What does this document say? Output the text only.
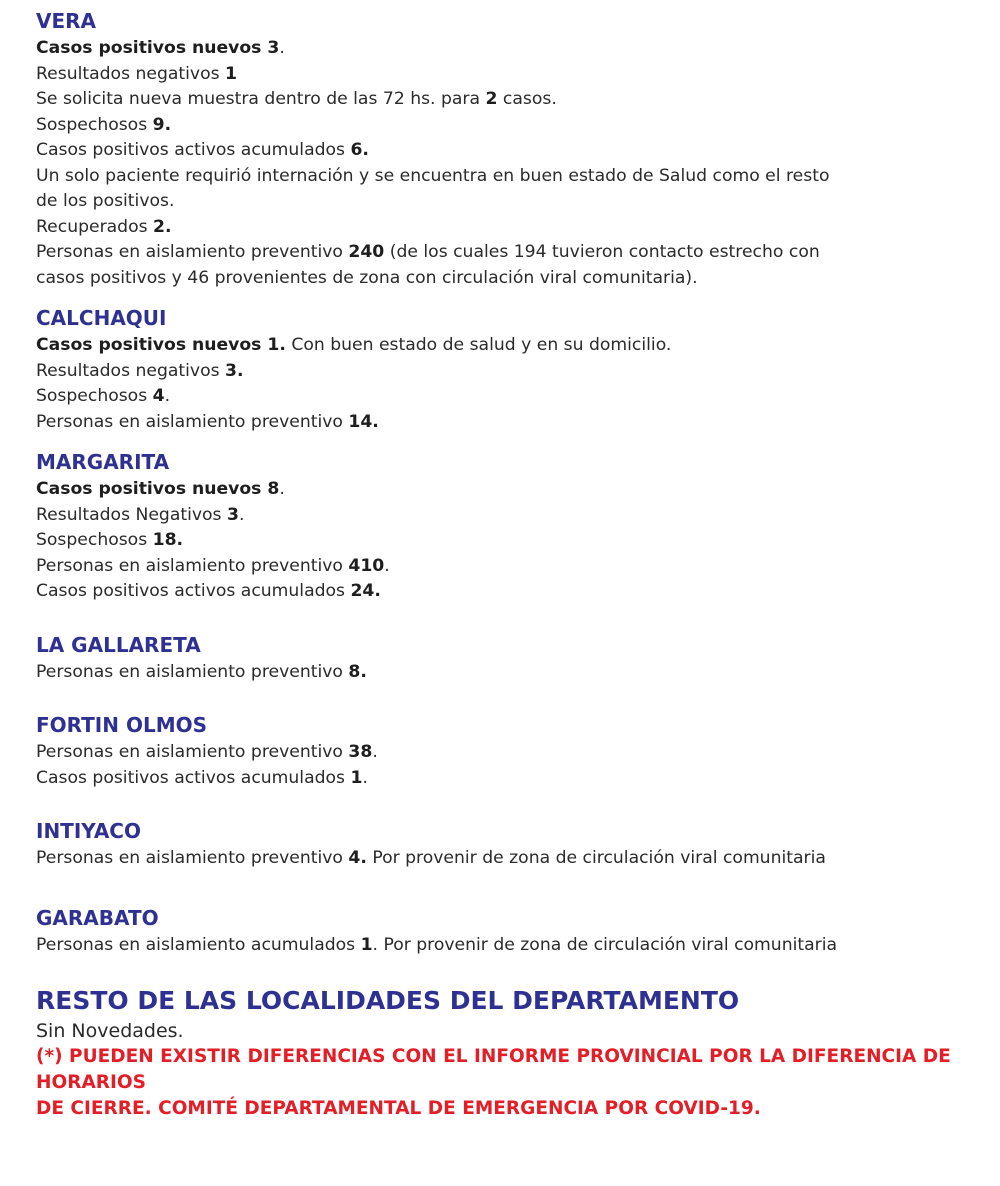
VERA

Casos positivos nuevos 3.

Resultados negativos 1

Se solicita nueva muestra dentro de las 72 hs. para 2 casos.

Sospechosos 9.

Casos positivos activos acumulados 6.

Un solo paciente requirió internación y se encuentra en buen estado de Salud como el resto

de los positivos.

Recuperados 2.

Personas en aislamiento preventivo 240 (de los cuales 194 tuvieron contacto estrecho con

casos positivos y 46 provenientes de zona con circulación viral comunitaria).

CALCHAQUI

Casos positivos nuevos 1. Con buen estado de salud y en su domicilio.

Resultados negativos 3.

Sospechosos 4.

Personas en aislamiento preventivo 14.

MARGARITA

Casos positivos nuevos 8.

Resultados Negativos 3.

Sospechosos 18.

Personas en aislamiento preventivo 410.

Casos positivos activos acumulados 24.

LA GALLARETA

Personas en aislamiento preventivo 8.

FORTIN OLMOS

Personas en aislamiento preventivo 38.

Casos positivos activos acumulados 1.

INTIYACO

Personas en aislamiento preventivo 4. Por provenir de zona de circulación viral comunitaria

GARABATO

Personas en aislamiento acumulados 1. Por provenir de zona de circulación viral comunitaria

RESTO DE LAS LOCALIDADES DEL DEPARTAMENTO

Sin Novedades.

(*) PUEDEN EXISTIR DIFERENCIAS CON EL INFORME PROVINCIAL POR LA DIFERENCIA DE HORARIOS

DE CIERRE. COMITÉ DEPARTAMENTAL DE EMERGENCIA POR COVID-19.
